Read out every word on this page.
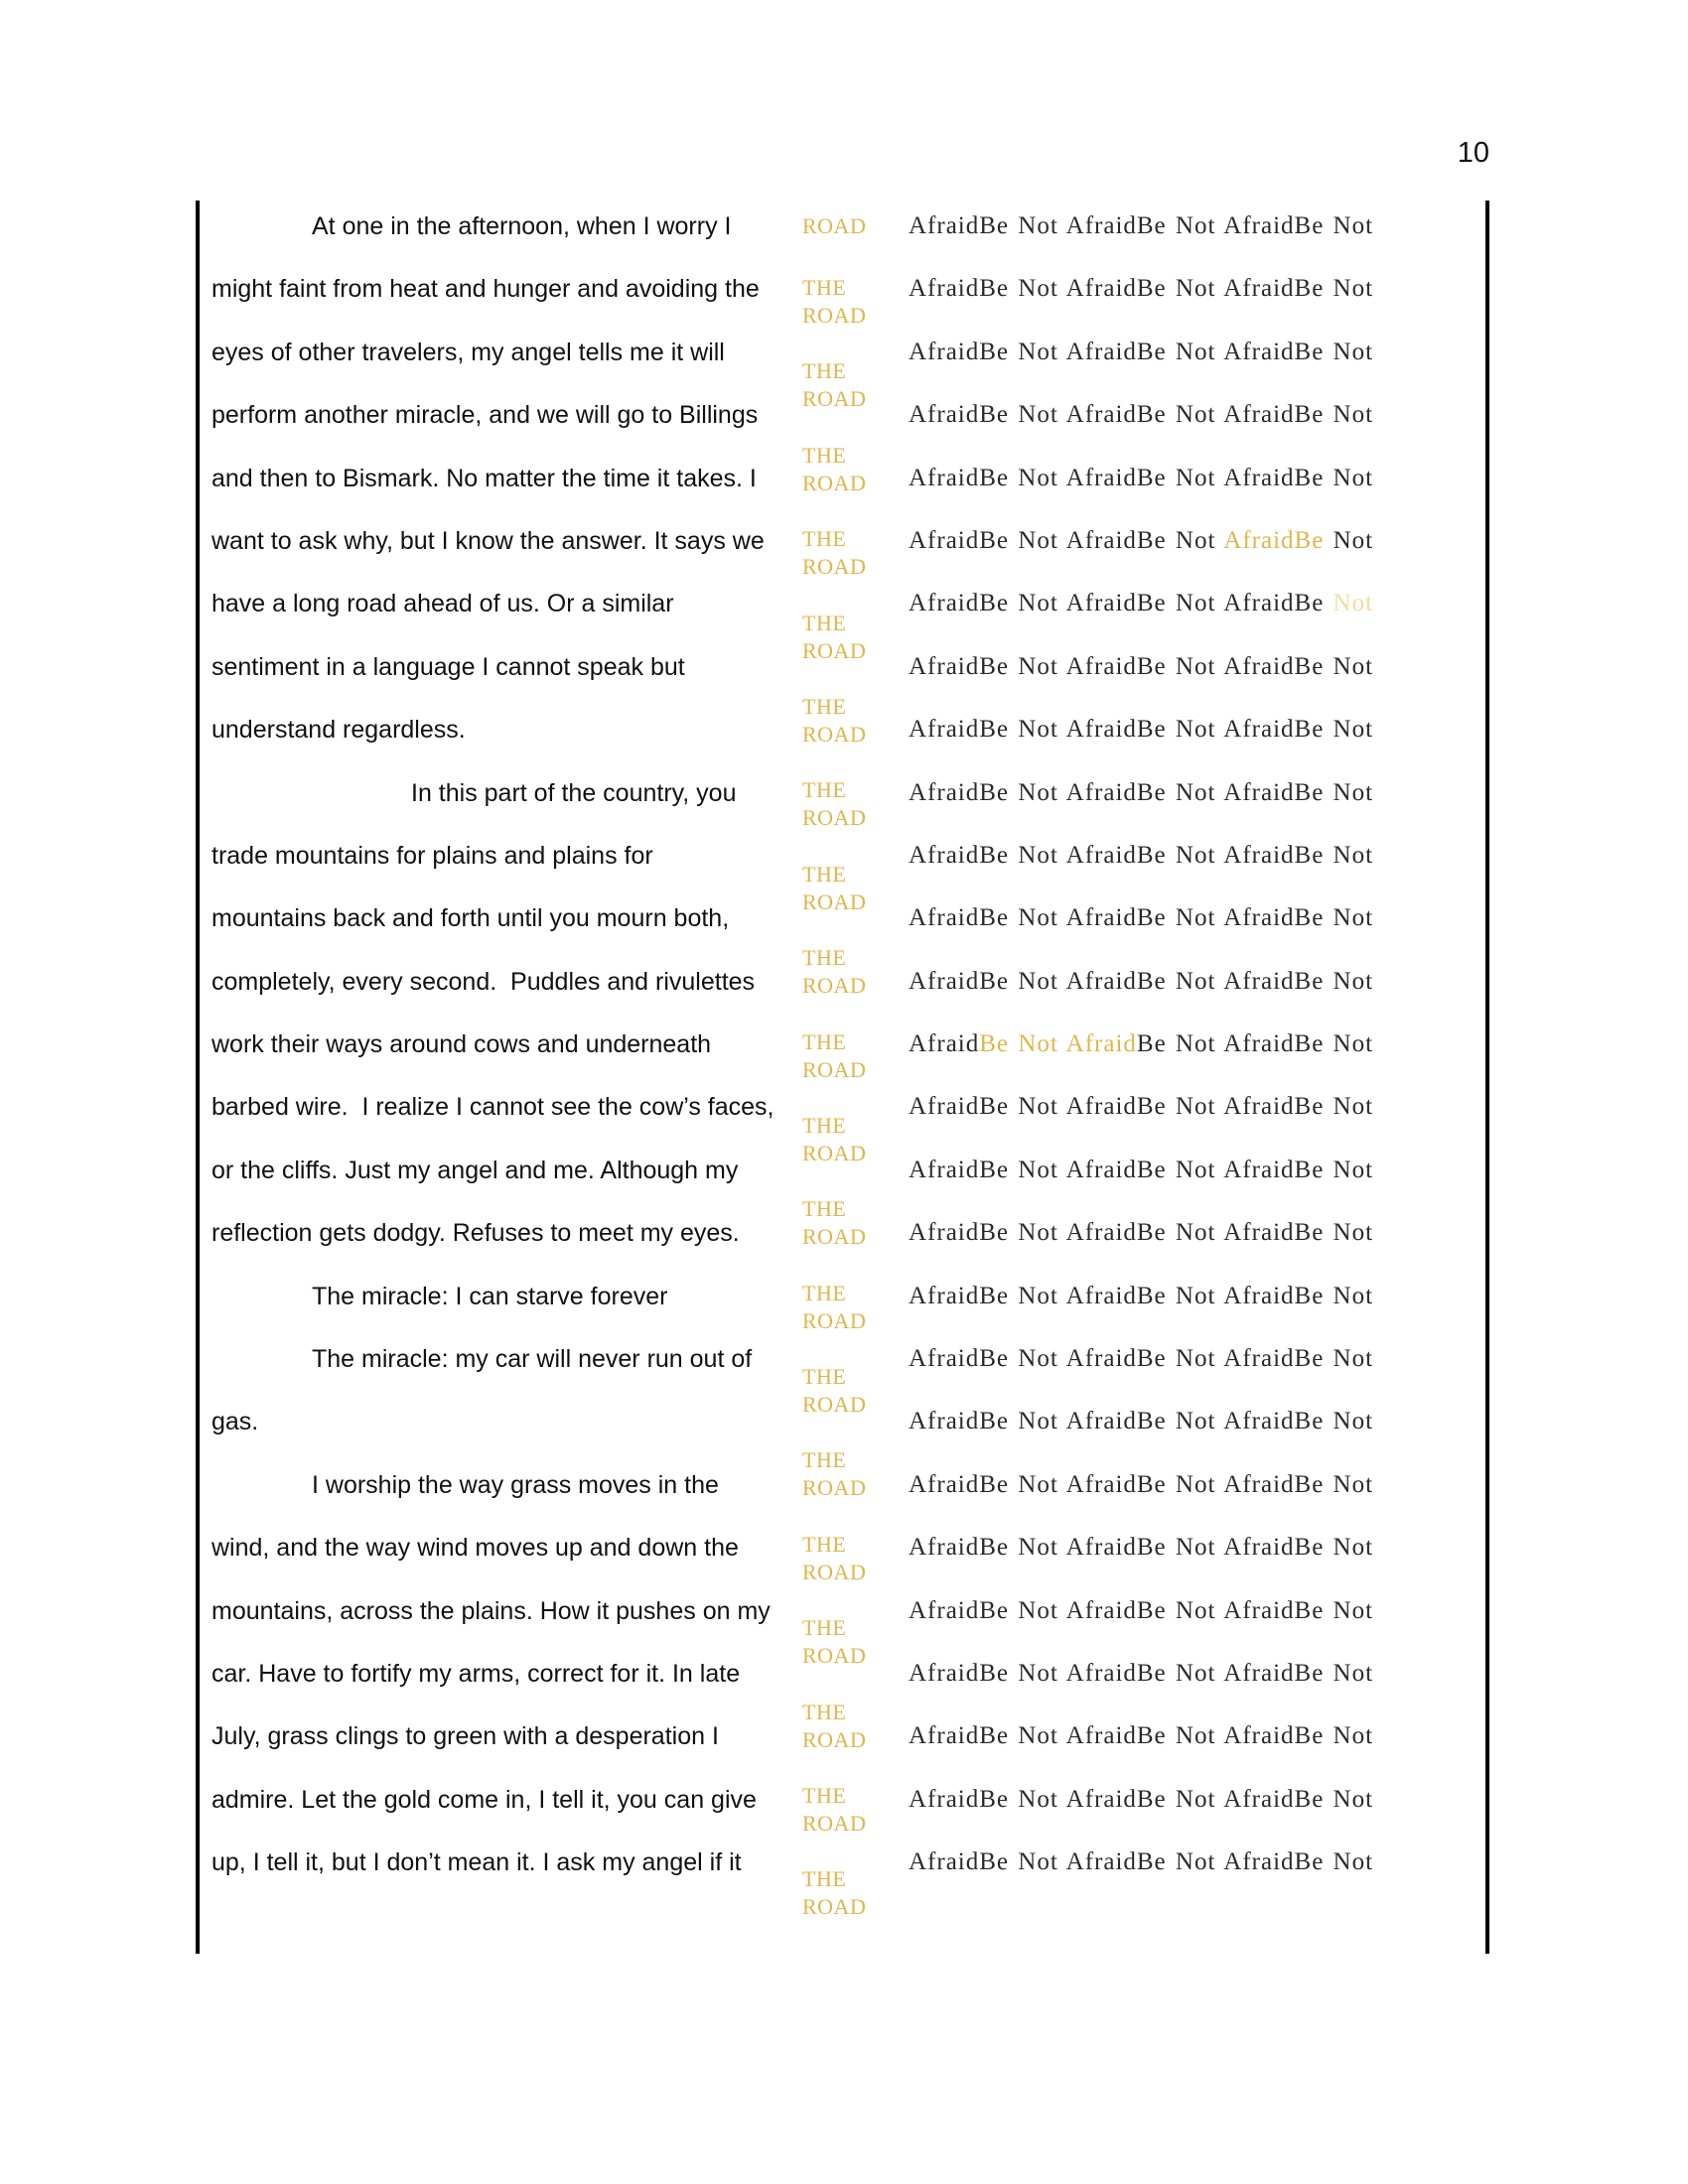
10
At one in the afternoon, when I worry I
might faint from heat and hunger and avoiding the
eyes of other travelers, my angel tells me it will
perform another miracle, and we will go to Billings
and then to Bismark. No matter the time it takes. I
want to ask why, but I know the answer. It says we
have a long road ahead of us. Or a similar
sentiment in a language I cannot speak but
understand regardless.
In this part of the country, you
trade mountains for plains and plains for
mountains back and forth until you mourn both,
completely, every second.  Puddles and rivulettes
work their ways around cows and underneath
barbed wire.  I realize I cannot see the cow’s faces,
or the cliffs. Just my angel and me. Although my
reflection gets dodgy. Refuses to meet my eyes.
The miracle: I can starve forever
The miracle: my car will never run out of
gas.
I worship the way grass moves in the
wind, and the way wind moves up and down the
mountains, across the plains. How it pushes on my
car. Have to fortify my arms, correct for it. In late
July, grass clings to green with a desperation I
admire. Let the gold come in, I tell it, you can give
up, I tell it, but I don’t mean it. I ask my angel if it
ROAD
THE
ROAD
THE
ROAD
THE
ROAD
THE
ROAD
THE
ROAD
THE
ROAD
THE
ROAD
THE
ROAD
THE
ROAD
THE
ROAD
THE
ROAD
THE
ROAD
THE
ROAD
THE
ROAD
THE
ROAD
THE
ROAD
THE
ROAD
THE
ROAD
THE
ROAD
THE
ROAD
AfraidBe Not AfraidBe Not AfraidBe Not
AfraidBe Not AfraidBe Not AfraidBe Not
AfraidBe Not AfraidBe Not AfraidBe Not
AfraidBe Not AfraidBe Not AfraidBe Not
AfraidBe Not AfraidBe Not AfraidBe Not
AfraidBe Not AfraidBe Not AfraidBe Not
AfraidBe Not AfraidBe Not AfraidBe Not
AfraidBe Not AfraidBe Not AfraidBe Not
AfraidBe Not AfraidBe Not AfraidBe Not
AfraidBe Not AfraidBe Not AfraidBe Not
AfraidBe Not AfraidBe Not AfraidBe Not
AfraidBe Not AfraidBe Not AfraidBe Not
AfraidBe Not AfraidBe Not AfraidBe Not
AfraidBe Not AfraidBe Not AfraidBe Not
AfraidBe Not AfraidBe Not AfraidBe Not
AfraidBe Not AfraidBe Not AfraidBe Not
AfraidBe Not AfraidBe Not AfraidBe Not
AfraidBe Not AfraidBe Not AfraidBe Not
AfraidBe Not AfraidBe Not AfraidBe Not
AfraidBe Not AfraidBe Not AfraidBe Not
AfraidBe Not AfraidBe Not AfraidBe Not
AfraidBe Not AfraidBe Not AfraidBe Not
AfraidBe Not AfraidBe Not AfraidBe Not
AfraidBe Not AfraidBe Not AfraidBe Not
AfraidBe Not AfraidBe Not AfraidBe Not
AfraidBe Not AfraidBe Not AfraidBe Not
AfraidBe Not AfraidBe Not AfraidBe Not
